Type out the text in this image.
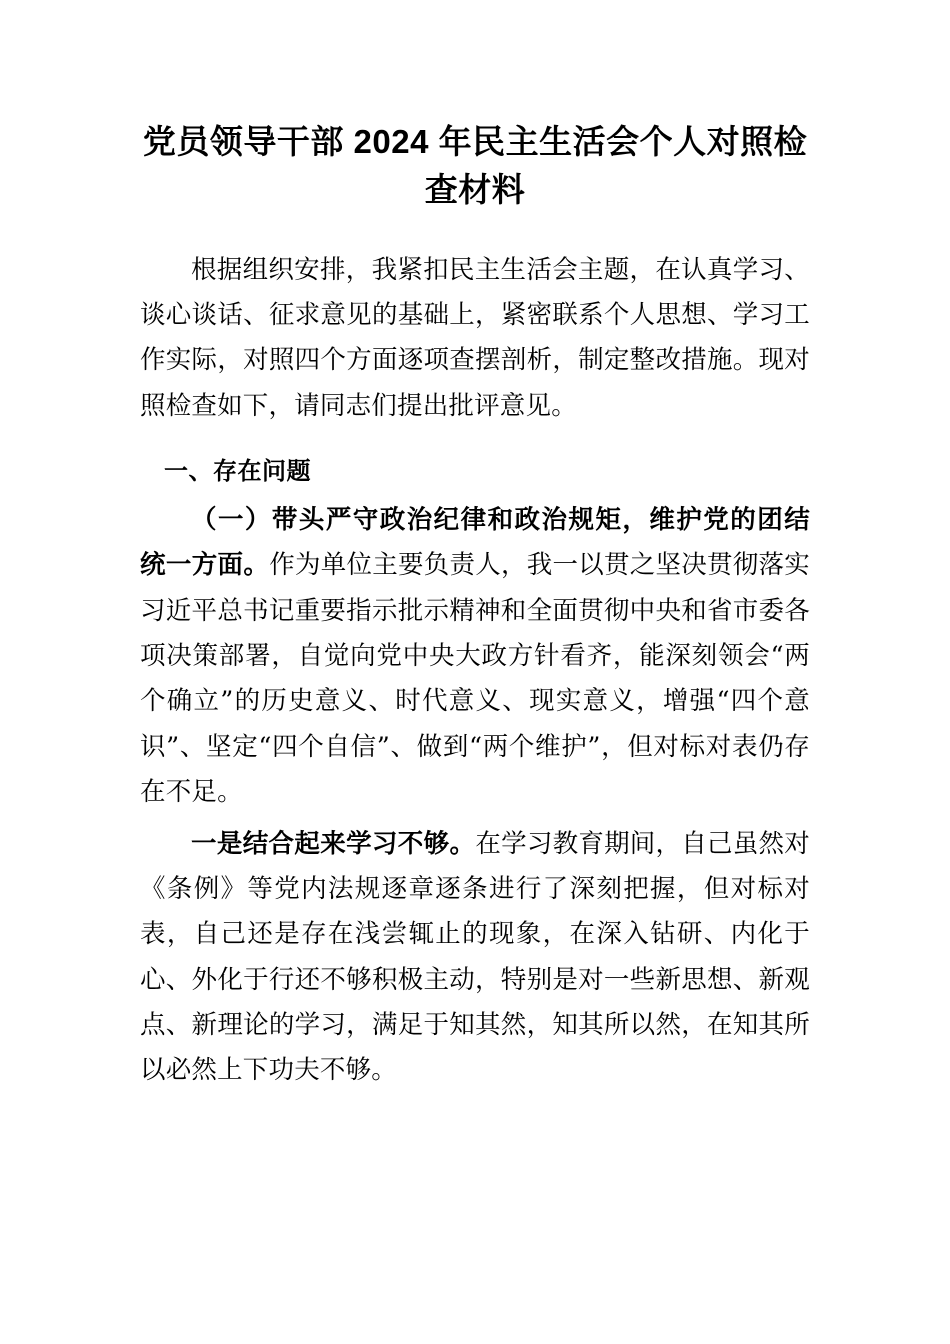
党员领导干部 2024 年民主生活会个人对照检查材料

根据组织安排，我紧扣民主生活会主题，在认真学习、谈心谈话、征求意见的基础上，紧密联系个人思想、学习工作实际，对照四个方面逐项查摆剖析，制定整改措施。现对照检查如下，请同志们提出批评意见。

一、存在问题

（一）带头严守政治纪律和政治规矩，维护党的团结统一方面。作为单位主要负责人，我一以贯之坚决贯彻落实习近平总书记重要指示批示精神和全面贯彻中央和省市委各项决策部署，自觉向党中央大政方针看齐，能深刻领会“两个确立”的历史意义、时代意义、现实意义，增强“四个意识”、坚定“四个自信”、做到“两个维护”，但对标对表仍存在不足。

一是结合起来学习不够。在学习教育期间，自己虽然对《条例》等党内法规逐章逐条进行了深刻把握，但对标对表，自己还是存在浅尝辄止的现象，在深入钻研、内化于心、外化于行还不够积极主动，特别是对一些新思想、新观点、新理论的学习，满足于知其然，知其所以然，在知其所以必然上下功夫不够。
